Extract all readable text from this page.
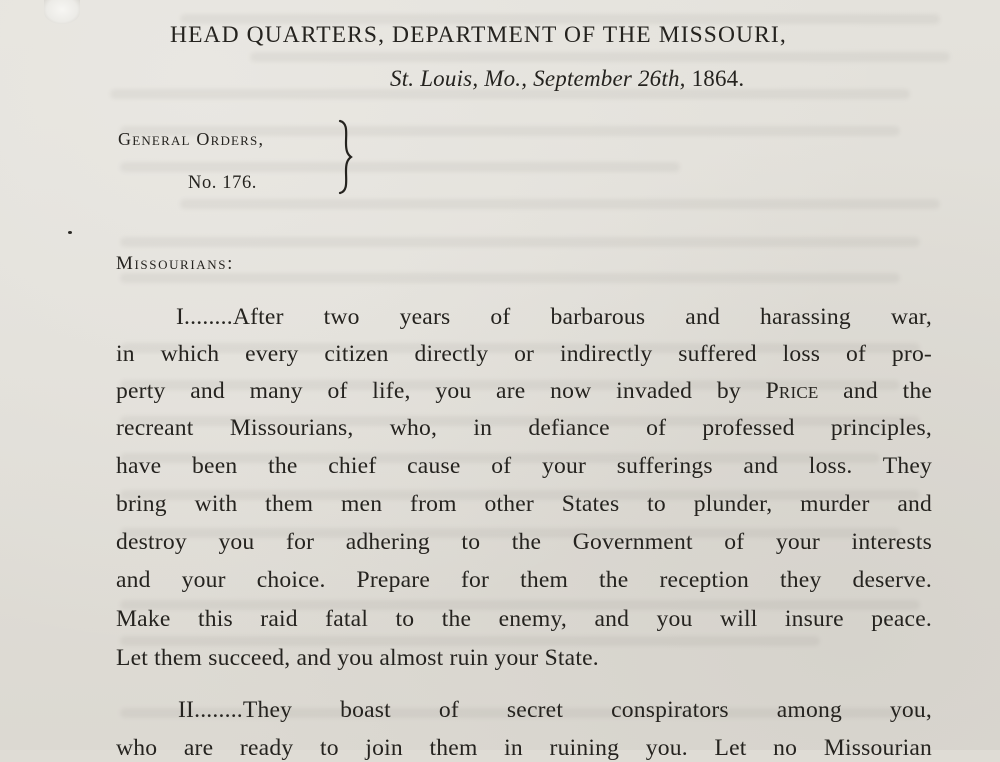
HEAD QUARTERS, DEPARTMENT OF THE MISSOURI,

St. Louis, Mo., September 26th, 1864.

General Orders,

No. 176.

Missourians:

I........After two years of barbarous and harassing war,

in which every citizen directly or indirectly suffered loss of pro-

perty and many of life, you are now invaded by Price and the

recreant Missourians, who, in defiance of professed principles,

have been the chief cause of your sufferings and loss. They

bring with them men from other States to plunder, murder and

destroy you for adhering to the Government of your interests

and your choice. Prepare for them the reception they deserve.

Make this raid fatal to the enemy, and you will insure peace.

Let them succeed, and you almost ruin your State.

II........They boast of secret conspirators among you,

who are ready to join them in ruining you. Let no Missourian
